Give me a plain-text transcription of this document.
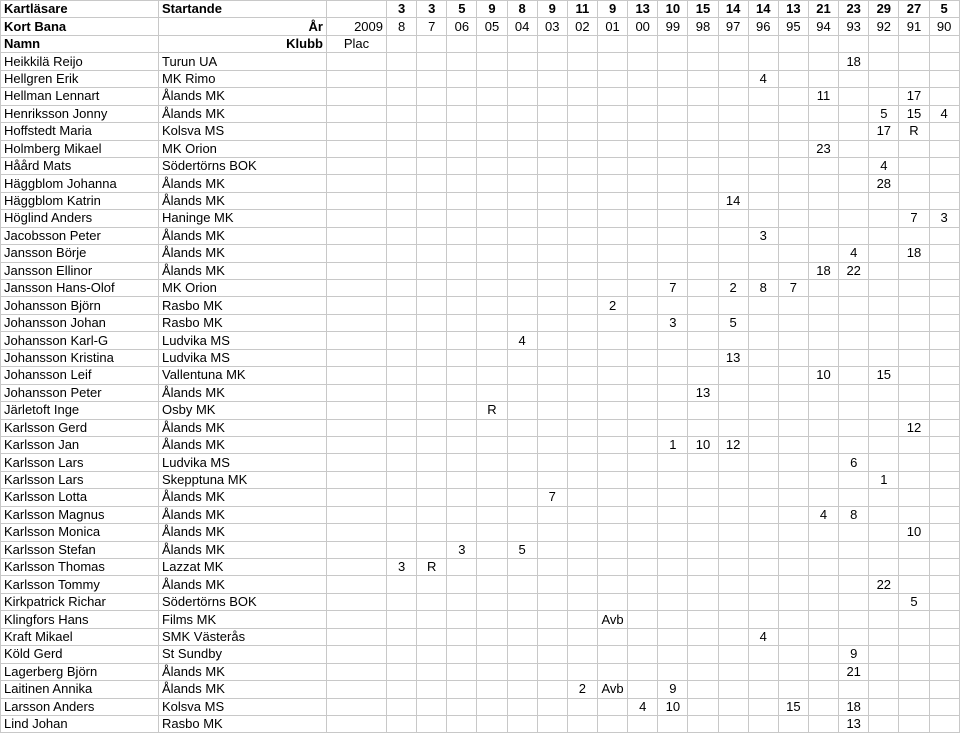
Kartläsare	Startande		3	3	5	9	8	9	11	9	13	10	15	14	14	13	21	23	29	27	5
Kort Bana	År	2009	8	7	06	05	04	03	02	01	00	99	98	97	96	95	94	93	92	91	90
Namn	Klubb	Plac																			
Heikkilä Reijo	Turun UA																	18			
Hellgren Erik	MK Rimo														4						
Hellman Lennart	Ålands MK																11			17	
Henriksson Jonny	Ålands MK																		5	15	4
Hoffstedt Maria	Kolsva MS																		17	R	
Holmberg Mikael	MK Orion																23				
Håård Mats	Södertörns BOK																		4		
Häggblom Johanna	Ålands MK																		28		
Häggblom Katrin	Ålands MK													14							
Höglind Anders	Haninge MK																			7	3
Jacobsson Peter	Ålands MK														3						
Jansson Börje	Ålands MK																	4		18	
Jansson Ellinor	Ålands MK																18	22			
Jansson Hans-Olof	MK Orion											7		2	8	7					
Johansson Björn	Rasbo MK									2											
Johansson Johan	Rasbo MK											3		5							
Johansson Karl-G	Ludvika MS						4														
Johansson Kristina	Ludvika MS													13							
Johansson Leif	Vallentuna MK																10		15		
Johansson Peter	Ålands MK												13								
Järletoft Inge	Osby MK					R															
Karlsson Gerd	Ålands MK																			12	
Karlsson Jan	Ålands MK											1	10	12							
Karlsson Lars	Ludvika MS																	6			
Karlsson Lars	Skepptuna MK																		1		
Karlsson Lotta	Ålands MK							7													
Karlsson Magnus	Ålands MK																4	8			
Karlsson Monica	Ålands MK																			10	
Karlsson Stefan	Ålands MK				3		5														
Karlsson Thomas	Lazzat MK		3	R																	
Karlsson Tommy	Ålands MK																		22		
Kirkpatrick Richar	Södertörns BOK																			5	
Klingfors Hans	Films MK									Avb											
Kraft Mikael	SMK Västerås														4						
Köld Gerd	St Sundby																	9			
Lagerberg Björn	Ålands MK																	21			
Laitinen Annika	Ålands MK								2	Avb		9									
Larsson Anders	Kolsva MS										4	10				15		18			
Lind Johan	Rasbo MK																	13			
